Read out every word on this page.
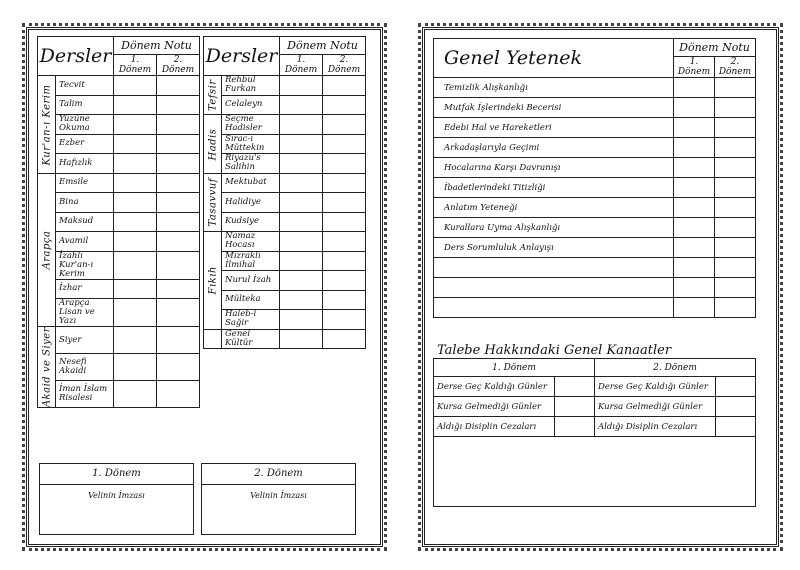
Dersler		Dönem Notu	
		1. Dönem	2. Dönem
Kur'an-ı Kerim	Tecvit		
	Talim		
	Yüzüne Okuma		
	Ezber		
	Hafızlık		
Arapça	Emsile		
	Bina		
	Maksud		
	Avamil		
	İzahlı Kur'an-ı Kerim		
	İzhar		
	Arapça Lisan ve Yazı		
Akaid ve Siyer	Siyer		
	Nesefi Akaidi		
	İman İslam Risalesi		
Dersler		Dönem Notu	
		1. Dönem	2. Dönem
Tefsir	Rehbul Furkan		
	Celaleyn		
Hadis	Seçme Hadisler		
	Sırac-ı Müttekin		
	Riyazu's Salihin		
Tasavvuf	Mektubat		
	Halidiye		
	Kudsiye		
Fıkıh	Namaz Hocası		
	Mızraklı İlmihal		
	Nurul İzah		
	Mülteka		
	Haleb-i Sağir		
	Genel Kültür		
1. Dönem
Velinin İmzası
2. Dönem
Velinin İmzası
Genel Yetenek	Dönem Notu	
	1. Dönem	2. Dönem
Temizlik Alışkanlığı		
Mutfak İşlerindeki Becerisi		
Edebi Hal ve Hareketleri		
Arkadaşlarıyla Geçimi		
Hocalarına Karşı Davranışı		
İbadetlerindeki Titizliği		
Anlatım Yeteneği		
Kurallara Uyma Alışkanlığı		
Ders Sorumluluk Anlayışı		

Talebe Hakkındaki Genel Kanaatler
1. Dönem		2. Dönem	
Derse Geç Kaldığı Günler		Derse Geç Kaldığı Günler	
Kursa Gelmediği Günler		Kursa Gelmediği Günler	
Aldığı Disiplin Cezaları		Aldığı Disiplin Cezaları	
